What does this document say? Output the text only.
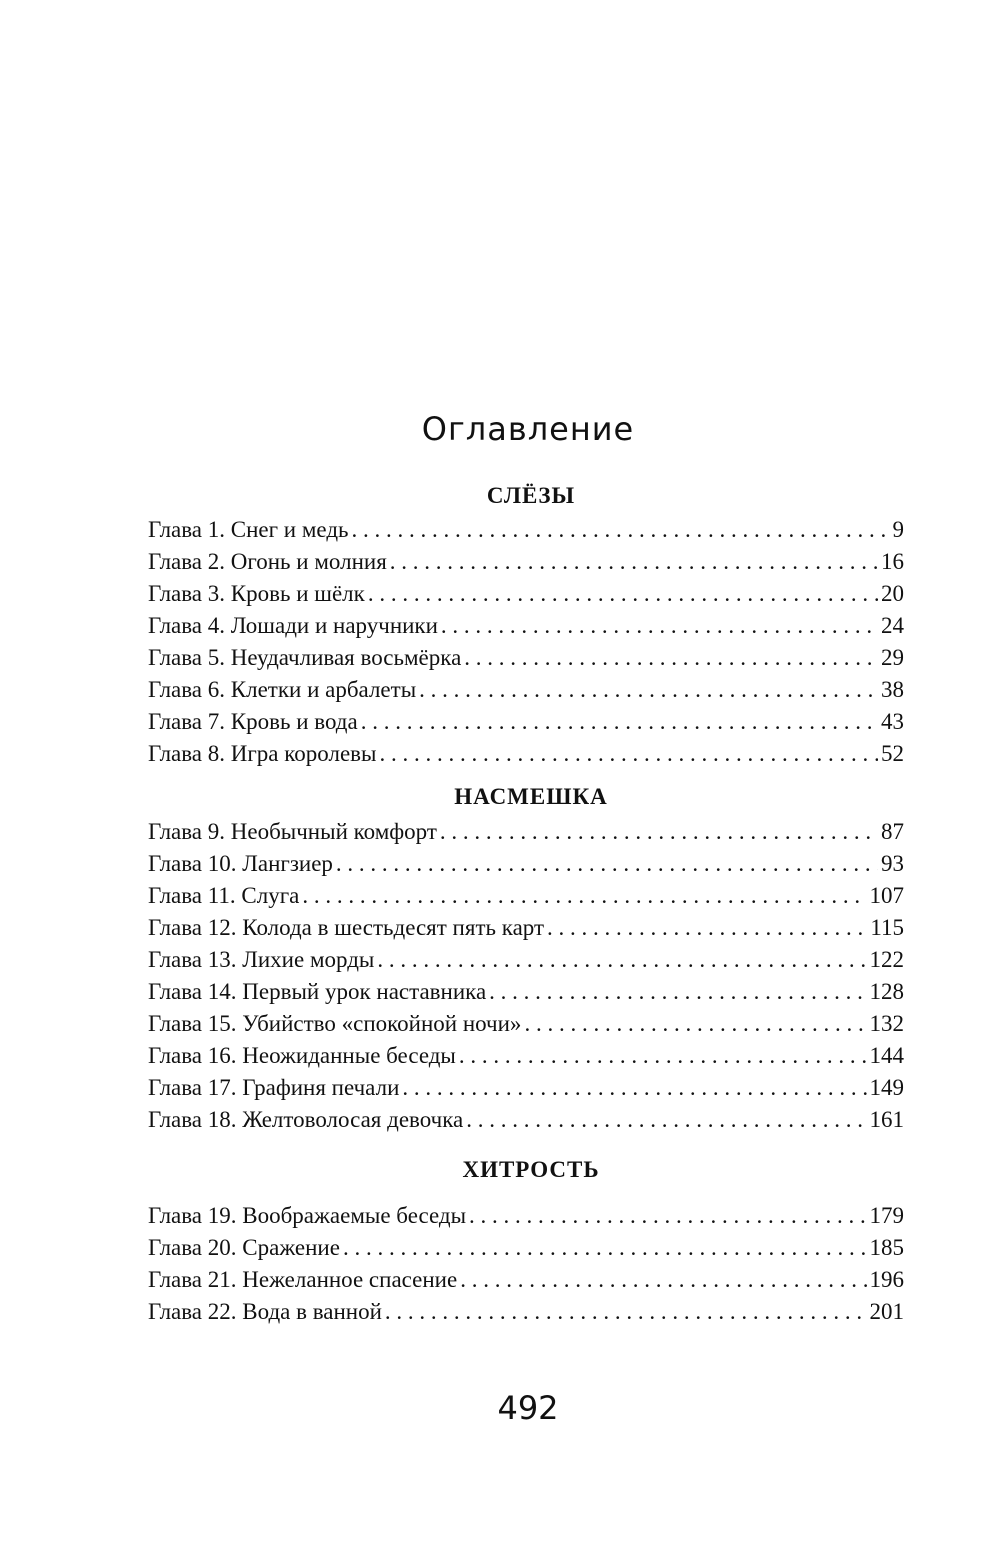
Оглавление
СЛЁЗЫ
Глава 1. Снег и медь . . .	9
Глава 2. Огонь и молния . . .	16
Глава 3. Кровь и шёлк . . .	20
Глава 4. Лошади и наручники . . .	24
Глава 5. Неудачливая восьмёрка . . .	29
Глава 6. Клетки и арбалеты . . .	38
Глава 7. Кровь и вода . . .	43
Глава 8. Игра королевы . . .	52
НАСМЕШКА
Глава 9. Необычный комфорт . . .	87
Глава 10. Лангзиер . . .	93
Глава 11. Слуга . . .	107
Глава 12. Колода в шестьдесят пять карт . . .	115
Глава 13. Лихие морды . . .	122
Глава 14. Первый урок наставника . . .	128
Глава 15. Убийство «спокойной ночи» . . .	132
Глава 16. Неожиданные беседы . . .	144
Глава 17. Графиня печали . . .	149
Глава 18. Желтоволосая девочка . . .	161
ХИТРОСТЬ
Глава 19. Воображаемые беседы . . .	179
Глава 20. Сражение . . .	185
Глава 21. Нежеланное спасение . . .	196
Глава 22. Вода в ванной . . .	201
492
